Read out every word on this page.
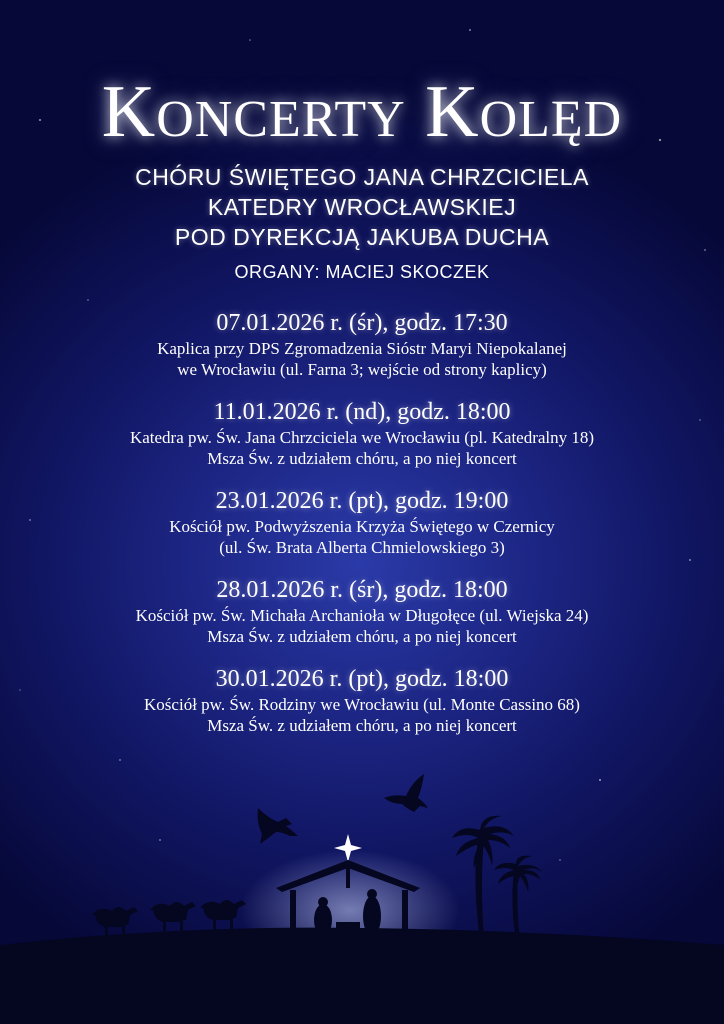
Koncerty Kolęd
CHÓRU ŚWIĘTEGO JANA CHRZCICIELA
KATEDRY WROCŁAWSKIEJ
POD DYREKCJĄ JAKUBA DUCHA
ORGANY: MACIEJ SKOCZEK
07.01.2026 r. (śr), godz. 17:30
Kaplica przy DPS Zgromadzenia Sióstr Maryi Niepokalanej
we Wrocławiu (ul. Farna 3; wejście od strony kaplicy)
11.01.2026 r. (nd), godz. 18:00
Katedra pw. Św. Jana Chrzciciela we Wrocławiu (pl. Katedralny 18)
Msza Św. z udziałem chóru, a po niej koncert
23.01.2026 r. (pt), godz. 19:00
Kościół pw. Podwyższenia Krzyża Świętego w Czernicy
(ul. Św. Brata Alberta Chmielowskiego 3)
28.01.2026 r. (śr), godz. 18:00
Kościół pw. Św. Michała Archanioła w Długołęce (ul. Wiejska 24)
Msza Św. z udziałem chóru, a po niej koncert
30.01.2026 r. (pt), godz. 18:00
Kościół pw. Św. Rodziny we Wrocławiu (ul. Monte Cassino 68)
Msza Św. z udziałem chóru, a po niej koncert
